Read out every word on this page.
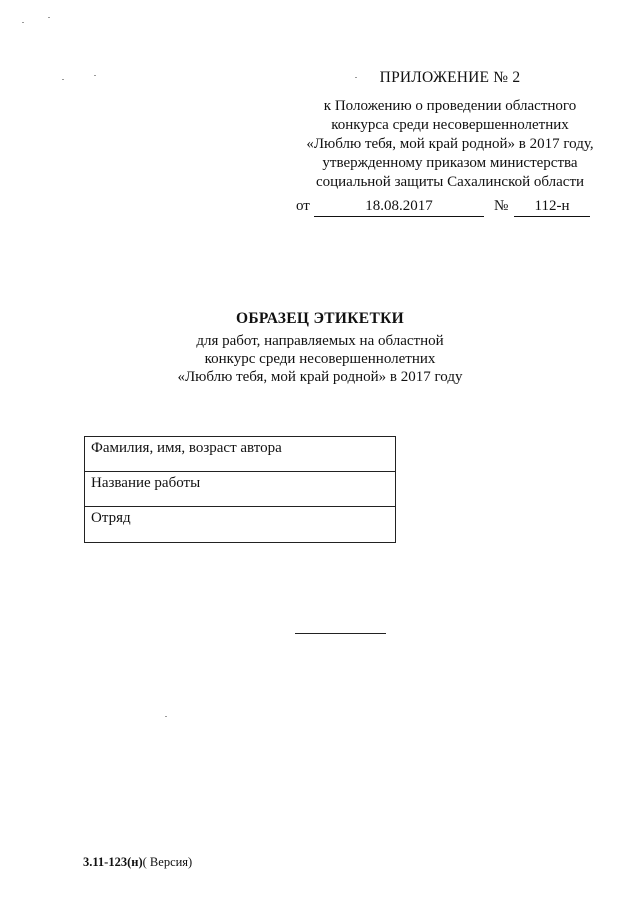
ПРИЛОЖЕНИЕ № 2
к Положению о проведении областного
конкурса среди несовершеннолетних
«Люблю тебя, мой край родной» в 2017 году,
утвержденному приказом министерства
социальной защиты Сахалинской области
от	18.08.2017	№	112-н
ОБРАЗЕЦ ЭТИКЕТКИ
для работ, направляемых на областной
конкурс среди несовершеннолетних
«Люблю тебя, мой край родной» в 2017 году
Фамилия, имя, возраст автора
Название работы
Отряд
3.11-123(н)( Версия)
